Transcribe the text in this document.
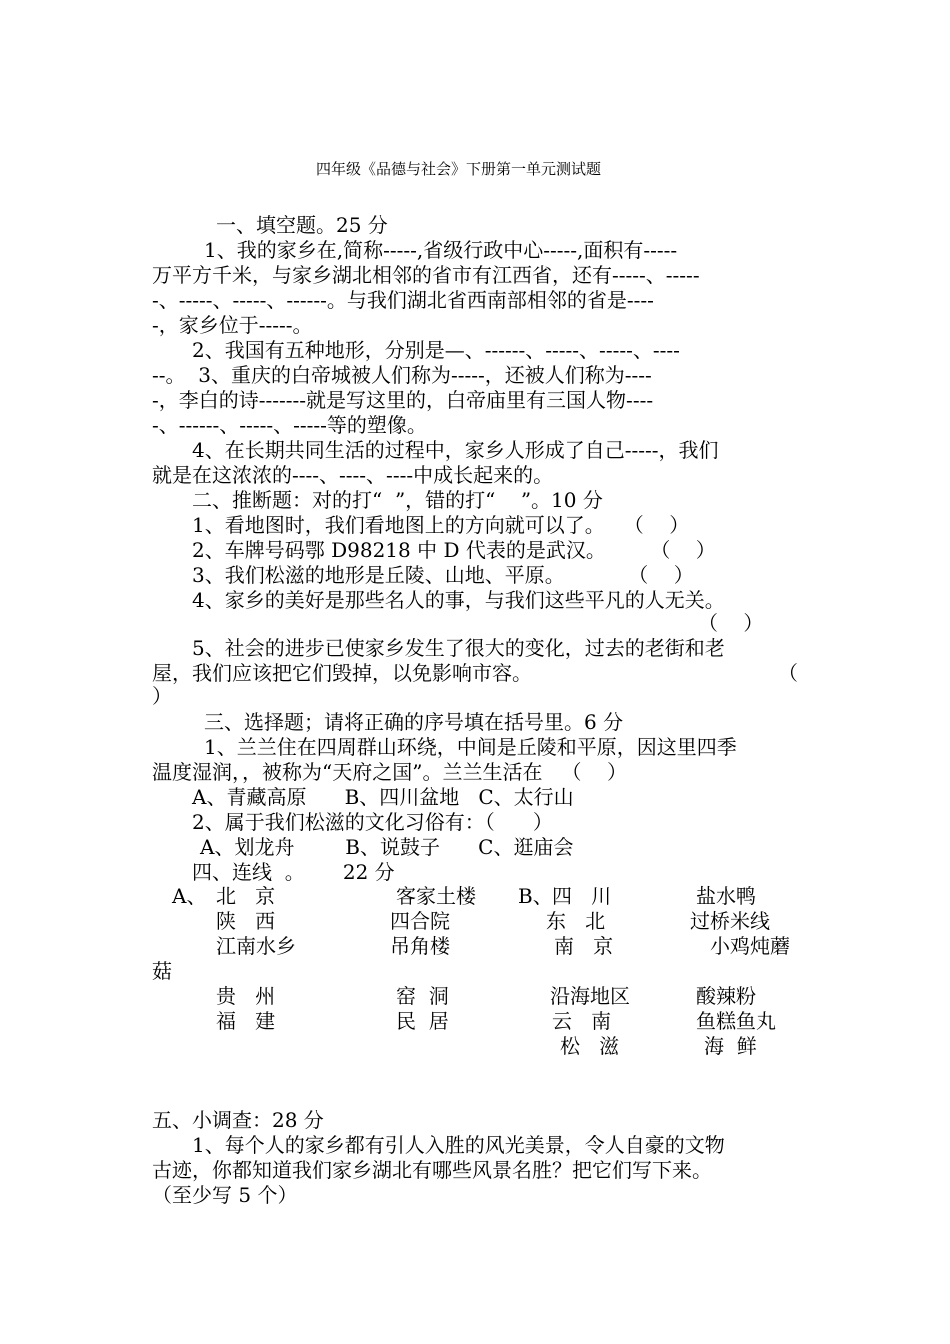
四年级《品德与社会》下册第一单元测试题
一、填空题。25 分
1、我的家乡在,简称-----,省级行政中心-----,面积有-----
万平方千米，与家乡湖北相邻的省市有江西省，还有-----、-----
-、-----、-----、------。与我们湖北省西南部相邻的省是----
-，家乡位于-----。
2、我国有五种地形，分别是—、------、-----、-----、----
--。  3、重庆的白帝城被人们称为-----，还被人们称为----
-，李白的诗-------就是写这里的，白帝庙里有三国人物----
-、------、-----、-----等的塑像。
4、在长期共同生活的过程中，家乡人形成了自己-----，我们
就是在这浓浓的----、----、----中成长起来的。
二、推断题：对的打“  ”，错的打“    ”。10 分
1、看地图时，我们看地图上的方向就可以了。   （    ）
2、车牌号码鄂 D98218 中 D 代表的是武汉。       （    ）
3、我们松滋的地形是丘陵、山地、平原。          （    ）
4、家乡的美好是那些名人的事，与我们这些平凡的人无关。
（    ）
5、社会的进步已使家乡发生了很大的变化，过去的老街和老
屋，我们应该把它们毁掉，以免影响市容。	（
）
三、选择题；请将正确的序号填在括号里。6 分
1、兰兰住在四周群山环绕，中间是丘陵和平原，因这里四季
温度湿润，，被称为“天府之国”。兰兰生活在   （    ）
A、青藏高原      B、四川盆地   C、太行山
2、属于我们松滋的文化习俗有：（      ）
A、划龙舟        B、说鼓子      C、逛庙会
四、连线  。      22 分
A、 北   京
陕   西
江南水乡
贵   州
福   建
客家土楼
四合院
吊角楼
窑  洞
民  居
B、 四   川
东   北
南   京
沿海地区
云   南
松   滋
盐水鸭
过桥米线
小鸡炖蘑
菇
酸辣粉
鱼糕鱼丸
海  鲜
五、小调查：28 分
1、每个人的家乡都有引人入胜的风光美景，令人自豪的文物
古迹，你都知道我们家乡湖北有哪些风景名胜？把它们写下来。
（至少写 5 个）
